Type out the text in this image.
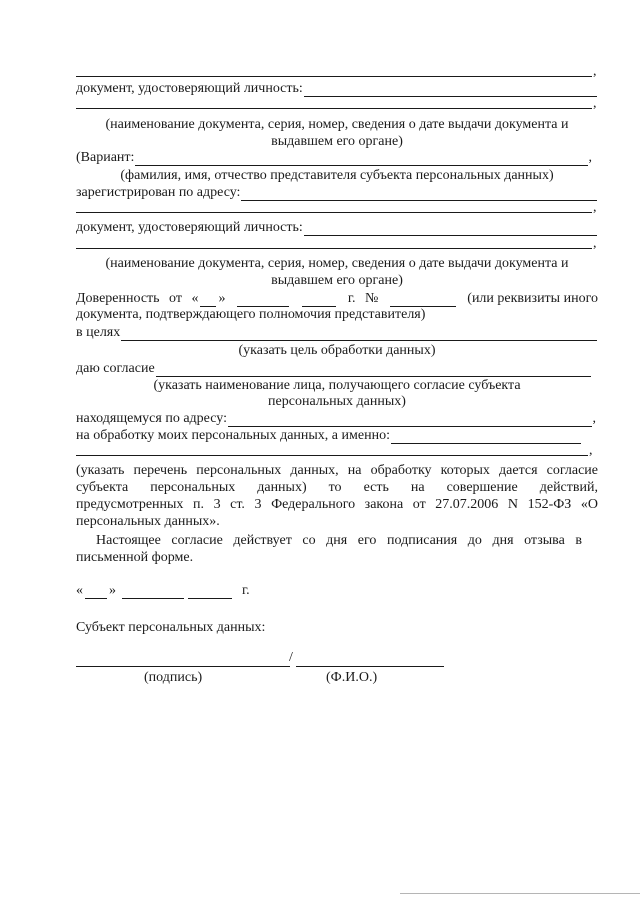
,
документ, удостоверяющий личность:
,
(наименование документа, серия, номер, сведения о дате выдачи документа и
выдавшем его органе)
(Вариант:	,
(фамилия, имя, отчество представителя субъекта персональных данных)
зарегистрирован по адресу:
,
документ, удостоверяющий личность:
,
(наименование документа, серия, номер, сведения о дате выдачи документа и
выдавшем его органе)
Доверенность от « »	г. №	(или реквизиты иного
документа, подтверждающего полномочия представителя)
в целях
(указать цель обработки данных)
даю согласие
(указать наименование лица, получающего согласие субъекта
персональных данных)
находящемуся по адресу:	,
на обработку моих персональных данных, а именно:
,
(указать перечень персональных данных, на обработку которых дается согласие
субъекта персональных данных) то есть на совершение действий,
предусмотренных п. 3 ст. 3 Федерального закона от 27.07.2006 N 152-ФЗ «О
персональных данных».
Настоящее согласие действует со дня его подписания до дня отзыва в
письменной форме.
« »	г.
Субъект персональных данных:
/
(подпись)	(Ф.И.О.)
